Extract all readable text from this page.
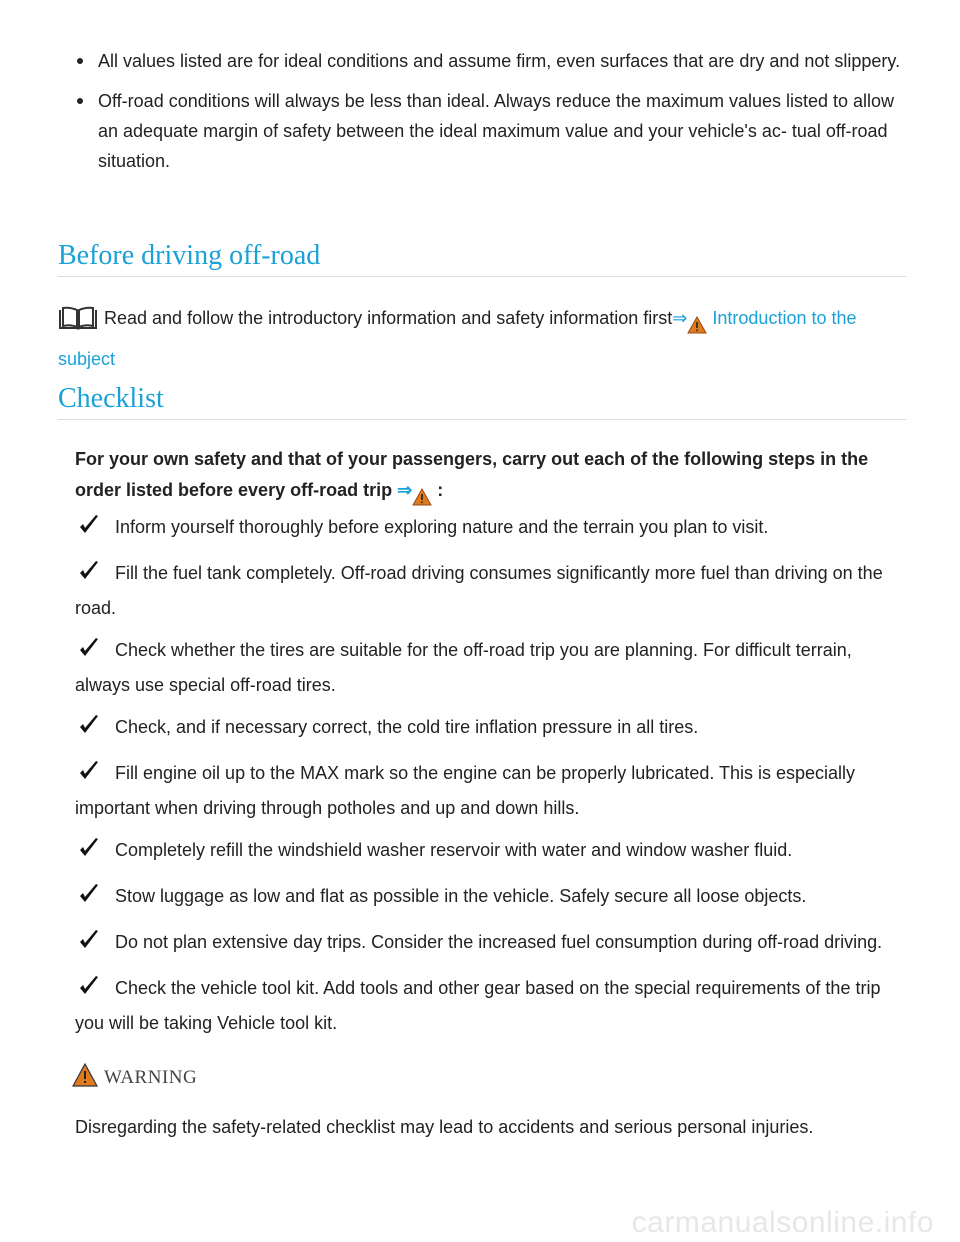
All values listed are for ideal conditions and assume firm, even surfaces that are dry and not slippery.
Off-road conditions will always be less than ideal. Always reduce the maximum values listed to allow an adequate margin of safety between the ideal maximum value and your vehicle's ac- tual off-road situation.
Before driving off-road
Read and follow the introductory information and safety information first⇒ Introduction to the subject
Checklist
For your own safety and that of your passengers, carry out each of the following steps in the order listed before every off-road trip ⇒ :
Inform yourself thoroughly before exploring nature and the terrain you plan to visit.
Fill the fuel tank completely. Off-road driving consumes significantly more fuel than driving on the road.
Check whether the tires are suitable for the off-road trip you are planning. For difficult terrain, always use special off-road tires.
Check, and if necessary correct, the cold tire inflation pressure in all tires.
Fill engine oil up to the MAX mark so the engine can be properly lubricated. This is especially important when driving through potholes and up and down hills.
Completely refill the windshield washer reservoir with water and window washer fluid.
Stow luggage as low and flat as possible in the vehicle. Safely secure all loose objects.
Do not plan extensive day trips. Consider the increased fuel consumption during off-road driving.
Check the vehicle tool kit. Add tools and other gear based on the special requirements of the trip you will be taking Vehicle tool kit.
WARNING
Disregarding the safety-related checklist may lead to accidents and serious personal injuries.
carmanualsonline.info
